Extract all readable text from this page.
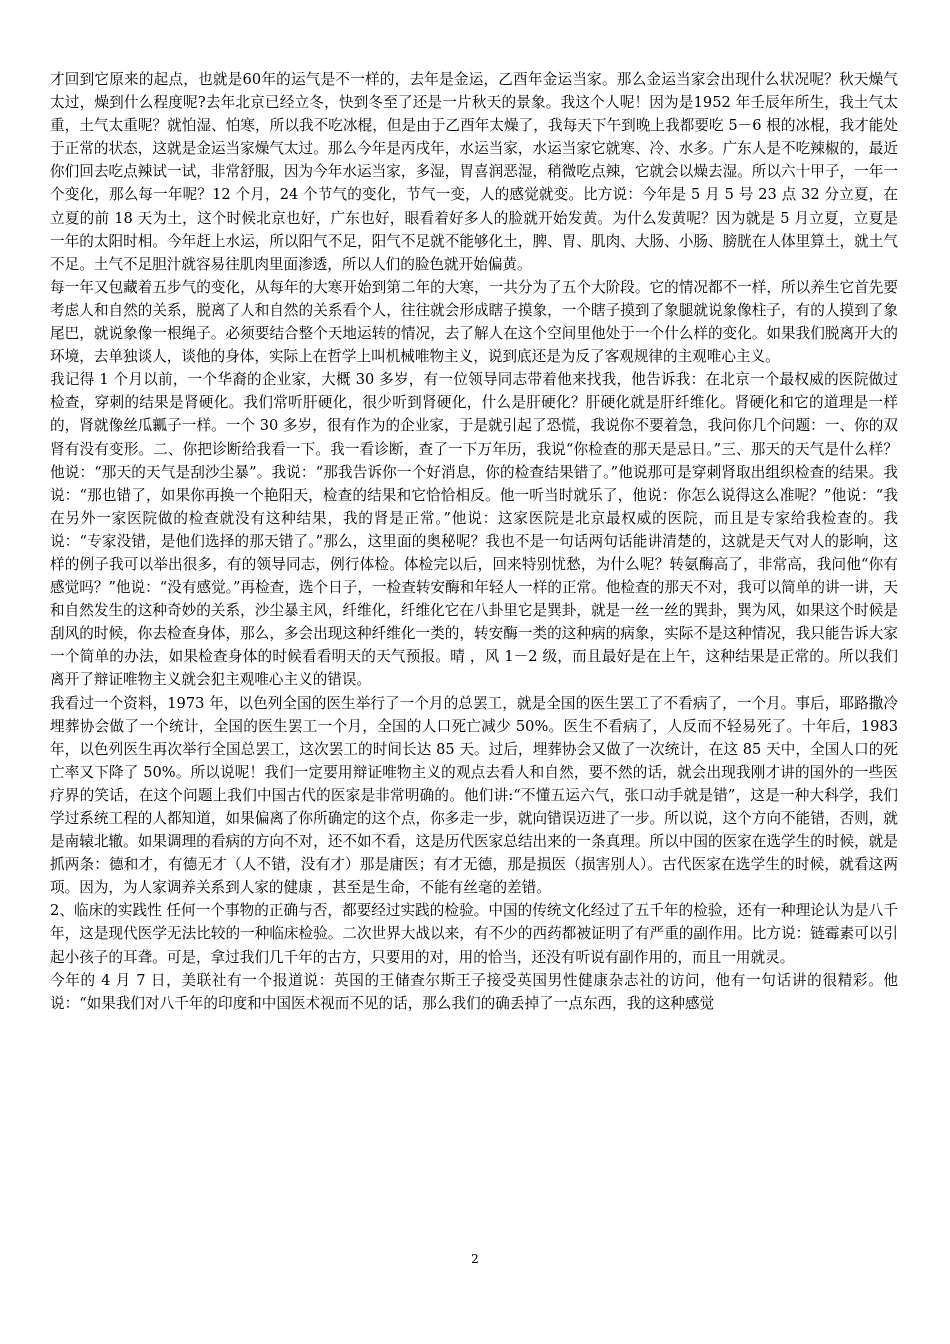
才回到它原来的起点，也就是60年的运气是不一样的，去年是金运，乙酉年金运当家。那么金运当家会出现什么状况呢？秋天燥气太过，燥到什么程度呢?去年北京已经立冬，快到冬至了还是一片秋天的景象。我这个人呢！因为是1952 年壬辰年所生，我土气太重，土气太重呢？就怕湿、怕寒，所以我不吃冰棍，但是由于乙酉年太燥了，我每天下午到晚上我都要吃 5－6 根的冰棍，我才能处于正常的状态，这就是金运当家燥气太过。那么今年是丙戌年，水运当家，水运当家它就寒、冷、水多。广东人是不吃辣椒的，最近你们回去吃点辣试一试，非常舒服，因为今年水运当家，多湿，胃喜润恶湿，稍微吃点辣，它就会以燥去湿。所以六十甲子，一年一个变化，那么每一年呢？12 个月，24 个节气的变化，节气一变，人的感觉就变。比方说：今年是 5 月 5 号 23 点 32 分立夏，在立夏的前 18 天为土，这个时候北京也好，广东也好，眼看着好多人的脸就开始发黄。为什么发黄呢？因为就是 5 月立夏，立夏是一年的太阳时相。今年赶上水运，所以阳气不足，阳气不足就不能够化土，脾、胃、肌肉、大肠、小肠、膀胱在人体里算土，就土气不足。土气不足胆汁就容易往肌肉里面渗透，所以人们的脸色就开始偏黄。

每一年又包藏着五步气的变化，从每年的大寒开始到第二年的大寒，一共分为了五个大阶段。它的情况都不一样，所以养生它首先要考虑人和自然的关系，脱离了人和自然的关系看个人，往往就会形成瞎子摸象，一个瞎子摸到了象腿就说象像柱子，有的人摸到了象尾巴，就说象像一根绳子。必须要结合整个天地运转的情况，去了解人在这个空间里他处于一个什么样的变化。如果我们脱离开大的环境，去单独谈人，谈他的身体，实际上在哲学上叫机械唯物主义，说到底还是为反了客观规律的主观唯心主义。

我记得 1 个月以前，一个华裔的企业家，大概 30 多岁，有一位领导同志带着他来找我，他告诉我：在北京一个最权威的医院做过检查，穿刺的结果是肾硬化。我们常听肝硬化，很少听到肾硬化，什么是肝硬化？肝硬化就是肝纤维化。肾硬化和它的道理是一样的，肾就像丝瓜瓤子一样。一个 30 多岁，很有作为的企业家，于是就引起了恐慌，我说你不要着急，我问你几个问题：一、你的双肾有没有变形。二、你把诊断给我看一下。我一看诊断，查了一下万年历，我说“你检查的那天是忌日。”三、那天的天气是什么样？他说：“那天的天气是刮沙尘暴”。我说：“那我告诉你一个好消息，你的检查结果错了。”他说那可是穿刺肾取出组织检查的结果。我说：“那也错了，如果你再换一个艳阳天，检查的结果和它恰恰相反。他一听当时就乐了，他说：你怎么说得这么准呢？”他说：“我在另外一家医院做的检查就没有这种结果，我的肾是正常。”他说：这家医院是北京最权威的医院，而且是专家给我检查的。我说：“专家没错，是他们选择的那天错了。”那么，这里面的奥秘呢？我也不是一句话两句话能讲清楚的，这就是天气对人的影响，这样的例子我可以举出很多，有的领导同志，例行体检。体检完以后，回来特别忧愁，为什么呢？转氨酶高了，非常高，我问他“你有感觉吗？”他说：“没有感觉。”再检查，选个日子，一检查转安酶和年轻人一样的正常。他检查的那天不对，我可以简单的讲一讲，天和自然发生的这种奇妙的关系，沙尘暴主风，纤维化，纤维化它在八卦里它是巽卦，就是一丝一丝的巽卦，巽为风，如果这个时候是刮风的时候，你去检查身体，那么，多会出现这种纤维化一类的，转安酶一类的这种病的病象，实际不是这种情况，我只能告诉大家一个简单的办法，如果检查身体的时候看看明天的天气预报。晴 ，风 1－2 级，而且最好是在上午，这种结果是正常的。所以我们离开了辩证唯物主义就会犯主观唯心主义的错误。

我看过一个资料，1973 年，以色列全国的医生举行了一个月的总罢工，就是全国的医生罢工了不看病了，一个月。事后，耶路撒冷埋葬协会做了一个统计，全国的医生罢工一个月，全国的人口死亡减少 50%。医生不看病了，人反而不轻易死了。十年后，1983 年，以色列医生再次举行全国总罢工，这次罢工的时间长达 85 天。过后，埋葬协会又做了一次统计，在这 85 天中，全国人口的死亡率又下降了 50%。所以说呢！我们一定要用辩证唯物主义的观点去看人和自然，要不然的话，就会出现我刚才讲的国外的一些医疗界的笑话，在这个问题上我们中国古代的医家是非常明确的。他们讲:“不懂五运六气，张口动手就是错”，这是一种大科学，我们学过系统工程的人都知道，如果偏离了你所确定的这个点，你多走一步，就向错误迈进了一步。所以说，这个方向不能错，否则，就是南辕北辙。如果调理的看病的方向不对，还不如不看，这是历代医家总结出来的一条真理。所以中国的医家在选学生的时候，就是抓两条：德和才，有德无才（人不错，没有才）那是庸医；有才无德，那是损医（损害别人）。古代医家在选学生的时候，就看这两项。因为，为人家调养关系到人家的健康 ，甚至是生命，不能有丝毫的差错。

2、临床的实践性 任何一个事物的正确与否，都要经过实践的检验。中国的传统文化经过了五千年的检验，还有一种理论认为是八千年，这是现代医学无法比较的一种临床检验。二次世界大战以来，有不少的西药都被证明了有严重的副作用。比方说：链霉素可以引起小孩子的耳聋。可是，拿过我们几千年的古方，只要用的对，用的恰当，还没有听说有副作用的，而且一用就灵。

今年的 4 月 7 日，美联社有一个报道说：英国的王储查尔斯王子接受英国男性健康杂志社的访问，他有一句话讲的很精彩。他说：“如果我们对八千年的印度和中国医术视而不见的话，那么我们的确丢掉了一点东西，我的这种感觉

2
